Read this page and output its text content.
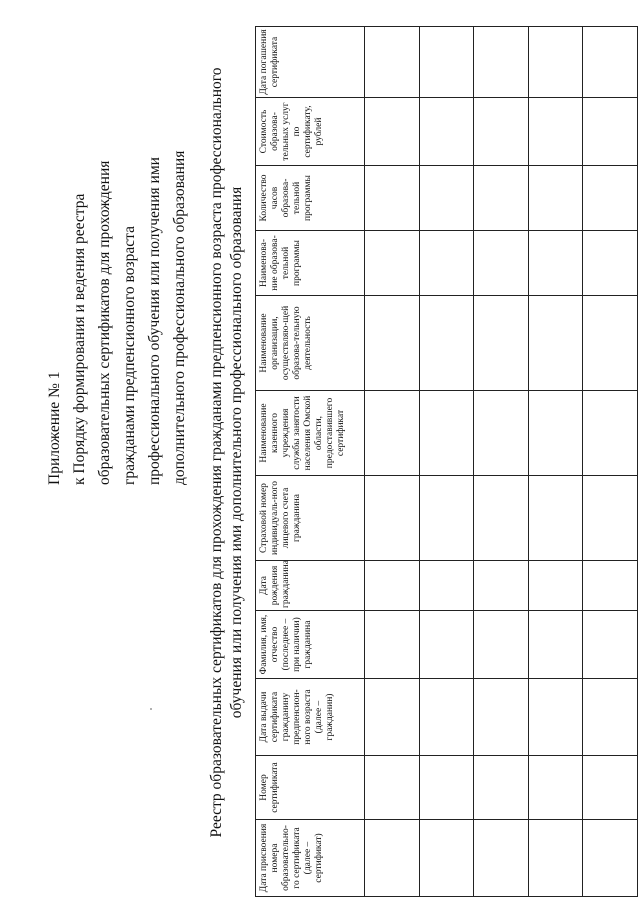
Приложение № 1 к Порядку формирования и ведения реестра образовательных сертификатов для прохождения гражданами предпенсионного возраста профессионального обучения или получения ими дополнительного профессионального образования Реестр образовательных сертификатов для прохождения гражданами предпенсионного возраста профессионального обучения или получения ими дополнительного профессионального образования
Дата присвоения номера образовательно-го сертификата (далее – сертификат)	Номер сертификата	Дата выдачи сертификата гражданину предпенсион-ного возраста (далее – гражданин)	Фамилия, имя, отчество (последнее – при наличии) гражданина	Дата рождения гражданина	Страховой номер индивидуаль-ного лицевого счета гражданина	Наименование казенного учреждения службы занятости населения Омской области, предоставившего сертификат	Наименование организации, осуществляю-щей образова-тельную деятельность	Наименова-ние образова-тельной программы	Количество часов образова-тельной программы	Стоимость образова-тельных услуг по сертификату, рублей	Дата погашения сертификата
